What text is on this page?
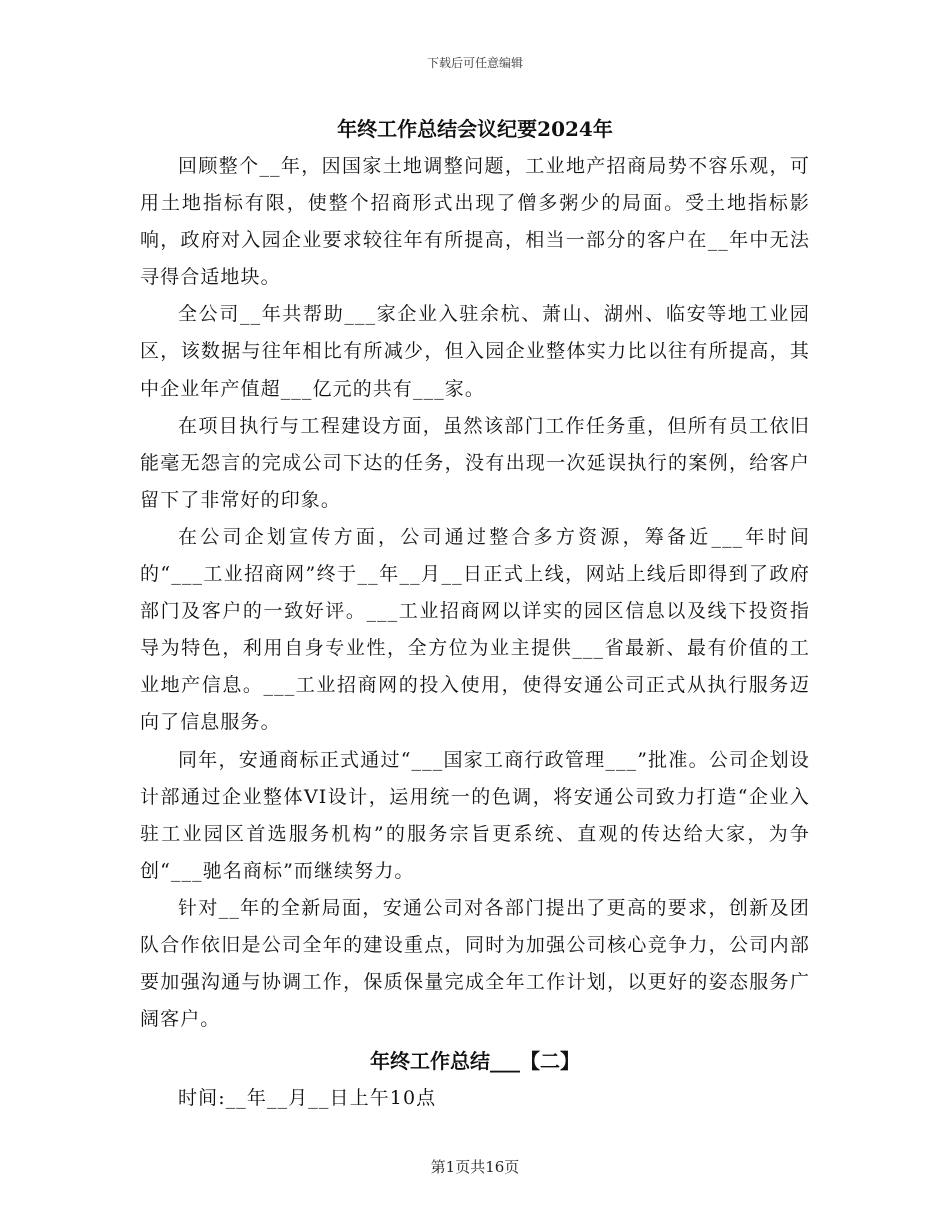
下载后可任意编辑
年终工作总结会议纪要2024年

回顾整个__年，因国家土地调整问题，工业地产招商局势不容乐观，可用土地指标有限，使整个招商形式出现了僧多粥少的局面。受土地指标影响，政府对入园企业要求较往年有所提高，相当一部分的客户在__年中无法寻得合适地块。

全公司__年共帮助___家企业入驻余杭、萧山、湖州、临安等地工业园区，该数据与往年相比有所减少，但入园企业整体实力比以往有所提高，其中企业年产值超___亿元的共有___家。

在项目执行与工程建设方面，虽然该部门工作任务重，但所有员工依旧能毫无怨言的完成公司下达的任务，没有出现一次延误执行的案例，给客户留下了非常好的印象。

在公司企划宣传方面，公司通过整合多方资源，筹备近___年时间的“___工业招商网”终于__年__月__日正式上线，网站上线后即得到了政府部门及客户的一致好评。___工业招商网以详实的园区信息以及线下投资指导为特色，利用自身专业性，全方位为业主提供___省最新、最有价值的工业地产信息。___工业招商网的投入使用，使得安通公司正式从执行服务迈向了信息服务。

同年，安通商标正式通过“___国家工商行政管理___”批准。公司企划设计部通过企业整体VI设计，运用统一的色调，将安通公司致力打造“企业入驻工业园区首选服务机构”的服务宗旨更系统、直观的传达给大家，为争创“___驰名商标”而继续努力。

针对__年的全新局面，安通公司对各部门提出了更高的要求，创新及团队合作依旧是公司全年的建设重点，同时为加强公司核心竞争力，公司内部要加强沟通与协调工作，保质保量完成全年工作计划，以更好的姿态服务广阔客户。

年终工作总结___【二】

时间:__年__月__日上午10点

第1页共16页
